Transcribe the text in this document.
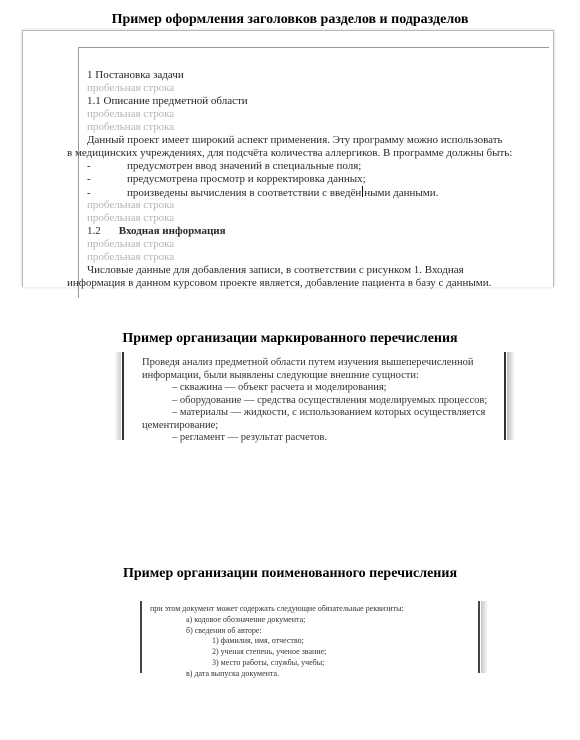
Пример оформления заголовков разделов и подразделов
1 Постановка задачи
пробельная строка
1.1 Описание предметной области
пробельная строка
пробельная строка
Данный проект имеет широкий аспект применения. Эту программу можно использовать
в медицинских учреждениях, для подсчёта количества аллергиков. В программе должны быть:
-	предусмотрен ввод значений в специальные поля;
-	предусмотрена просмотр и корректировка данных;
-	произведены вычисления в соответствии с введён ными данными.
пробельная строка
пробельная строка
1.2 Входная информация
пробельная строка
пробельная строка
Числовые данные для добавления записи, в соответствии с рисунком 1. Входная
информация в данном курсовом проекте является, добавление пациента в базу с данными.
Пример организации маркированного перечисления
Проведя анализ предметной области путем изучения вышеперечисленной
информации, были выявлены следующие внешние сущности:
– скважина — объект расчета и моделирования;
– оборудование — средства осуществления моделируемых процессов;
– материалы — жидкости, с использованием которых осуществляется
цементирование;
– регламент — результат расчетов.
Пример организации поименованного перечисления
при этом документ может содержать следующие обязательные реквизиты:
а) кодовое обозначение документа;
б) сведения об авторе:
1) фамилия, имя, отчество;
2) ученая степень, ученое звание;
3) место работы, службы, учебы;
в) дата выпуска документа.
